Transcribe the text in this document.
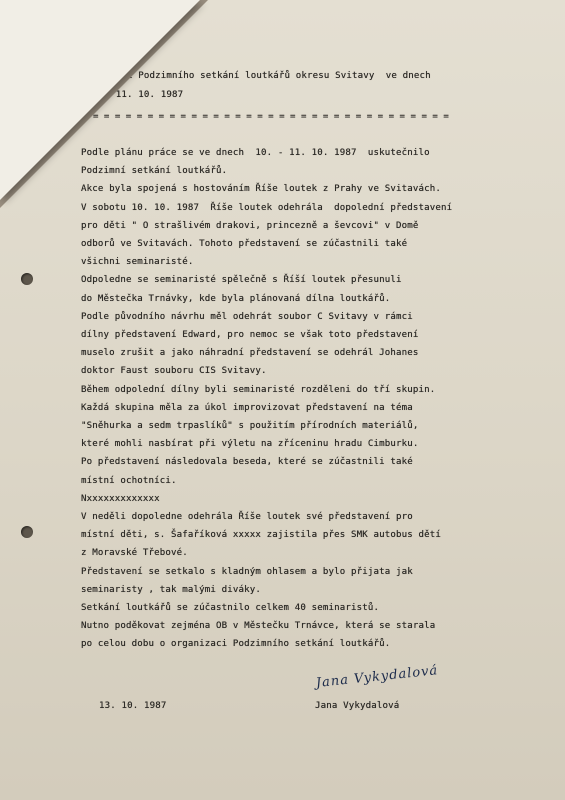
hodnocení Podzimního setkání loutkářů okresu Svitavy  ve dnech
10. - 11. 10. 1987
= = = = = = = = = = = = = = = = = = = = = = = = = = = = = = = = = =
Podle plánu práce se ve dnech  10. - 11. 10. 1987  uskutečnilo
Podzimní setkání loutkářů.
Akce byla spojená s hostováním Říše loutek z Prahy ve Svitavách.
V sobotu 10. 10. 1987  Říše loutek odehrála  dopolední představení
pro děti " O strašlivém drakovi, princezně a ševcovi" v Domě
odborů ve Svitavách. Tohoto představení se zúčastnili také
všichni seminaristé.
Odpoledne se seminaristé spělečně s Říší loutek přesunuli
do Městečka Trnávky, kde byla plánovaná dílna loutkářů.
Podle původního návrhu měl odehrát soubor C Svitavy v rámci
dílny představení Edward, pro nemoc se však toto představení
muselo zrušit a jako náhradní představení se odehrál Johanes
doktor Faust souboru CIS Svitavy.
Během odpolední dílny byli seminaristé rozděleni do tří skupin.
Každá skupina měla za úkol improvizovat představení na téma
"Sněhurka a sedm trpaslíků" s použitím přírodních materiálů,
které mohli nasbírat při výletu na zříceninu hradu Cimburku.
Po představení následovala beseda, které se zúčastnili také
místní ochotníci.
Nxxxxxxxxxxxxx
V neděli dopoledne odehrála Říše loutek své představení pro
místní děti, s. Šafaříková xxxxx zajistila přes SMK autobus dětí
z Moravské Třebové.
Představení se setkalo s kladným ohlasem a bylo přijata jak
seminaristy , tak malými diváky.
Setkání loutkářů se zúčastnilo celkem 40 seminaristů.
Nutno poděkovat zejména OB v Městečku Trnávce, která se starala
po celou dobu o organizaci Podzimního setkání loutkářů.
13. 10. 1987
Jana Vykydalová
Jana Vykydalová
